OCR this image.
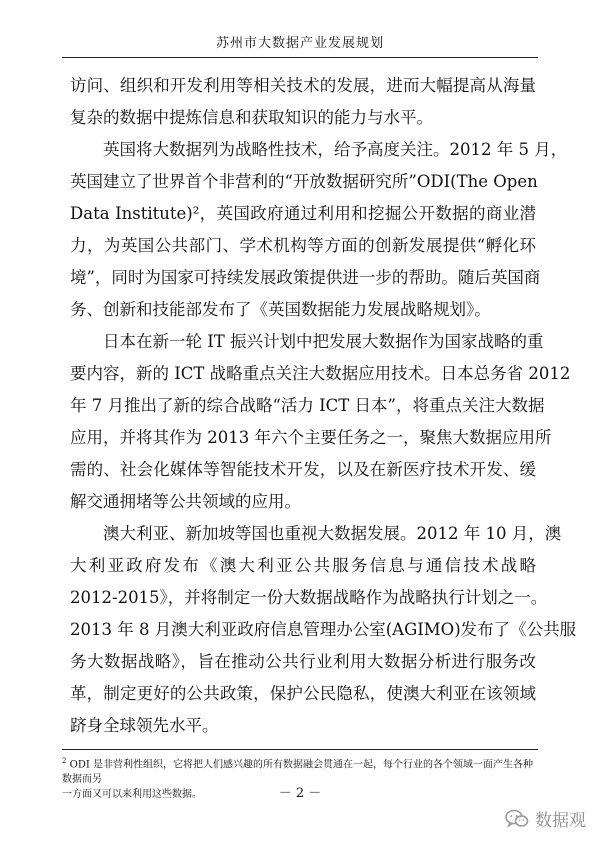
苏州市大数据产业发展规划
访问、组织和开发利用等相关技术的发展，进而大幅提高从海量
复杂的数据中提炼信息和获取知识的能力与水平。
英国将大数据列为战略性技术，给予高度关注。2012 年 5 月，
英国建立了世界首个非营利的“开放数据研究所”ODI(The Open
Data Institute)²，英国政府通过利用和挖掘公开数据的商业潜
力，为英国公共部门、学术机构等方面的创新发展提供“孵化环
境”，同时为国家可持续发展政策提供进一步的帮助。随后英国商
务、创新和技能部发布了《英国数据能力发展战略规划》。
日本在新一轮 IT 振兴计划中把发展大数据作为国家战略的重
要内容，新的 ICT 战略重点关注大数据应用技术。日本总务省 2012
年 7 月推出了新的综合战略“活力 ICT 日本”，将重点关注大数据
应用，并将其作为 2013 年六个主要任务之一，聚焦大数据应用所
需的、社会化媒体等智能技术开发，以及在新医疗技术开发、缓
解交通拥堵等公共领域的应用。
澳大利亚、新加坡等国也重视大数据发展。2012 年 10 月，澳
大利亚政府发布《澳大利亚公共服务信息与通信技术战略
2012-2015》，并将制定一份大数据战略作为战略执行计划之一。
2013 年 8 月澳大利亚政府信息管理办公室(AGIMO)发布了《公共服
务大数据战略》，旨在推动公共行业利用大数据分析进行服务改
革，制定更好的公共政策，保护公民隐私，使澳大利亚在该领域
跻身全球领先水平。
$^2$ ODI 是非营利性组织，它将把人们感兴趣的所有数据融会贯通在一起，每个行业的各个领域一面产生各种数据而另
一方面又可以来利用这些数据。	－ 2 －
数据观
